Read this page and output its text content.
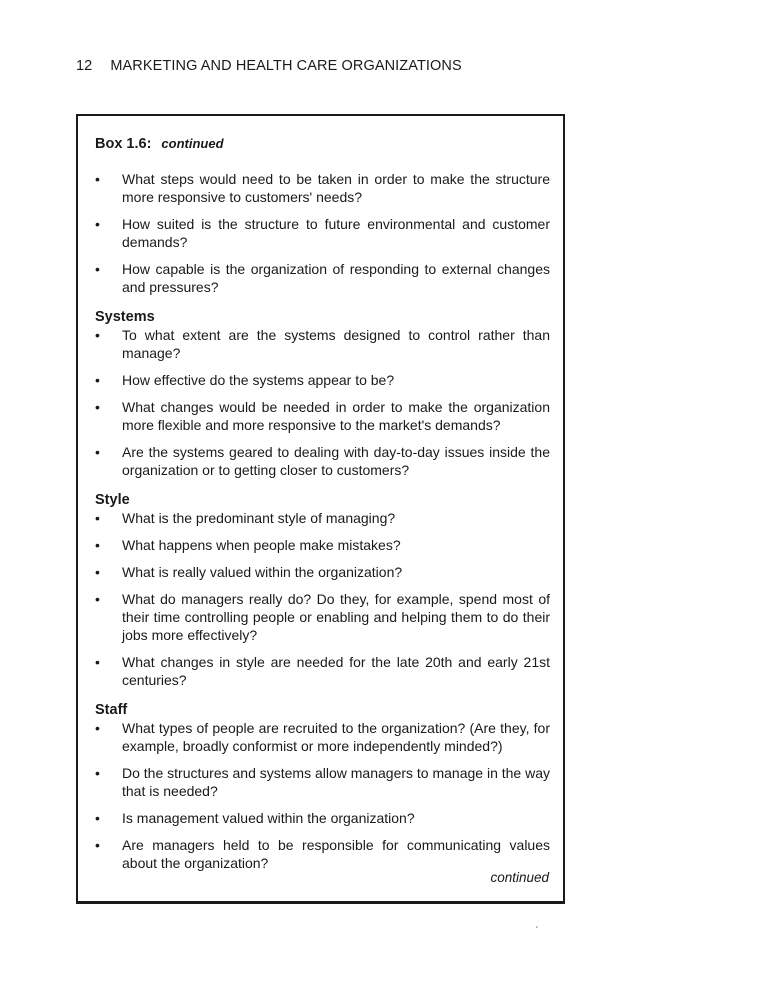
12 MARKETING AND HEALTH CARE ORGANIZATIONS
Box 1.6: continued
• What steps would need to be taken in order to make the structure more responsive to customers' needs?
• How suited is the structure to future environmental and customer demands?
• How capable is the organization of responding to external changes and pressures?
Systems
• To what extent are the systems designed to control rather than manage?
• How effective do the systems appear to be?
• What changes would be needed in order to make the organization more flexible and more responsive to the market's demands?
• Are the systems geared to dealing with day-to-day issues inside the organization or to getting closer to customers?
Style
• What is the predominant style of managing?
• What happens when people make mistakes?
• What is really valued within the organization?
• What do managers really do? Do they, for example, spend most of their time controlling people or enabling and helping them to do their jobs more effectively?
• What changes in style are needed for the late 20th and early 21st centuries?
Staff
• What types of people are recruited to the organization? (Are they, for example, broadly conformist or more independently minded?)
• Do the structures and systems allow managers to manage in the way that is needed?
• Is management valued within the organization?
• Are managers held to be responsible for communicating values about the organization?
continued
ˏ
